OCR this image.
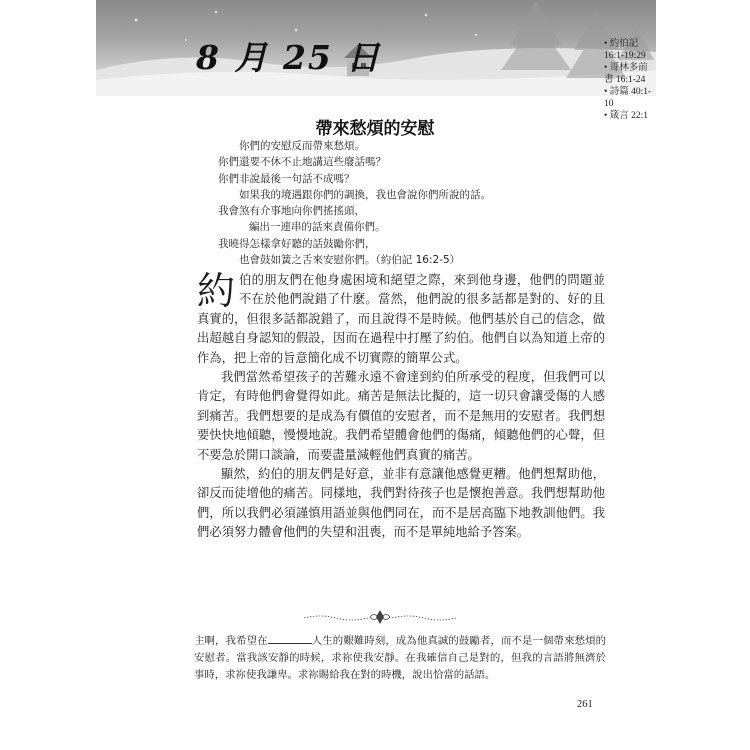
8 月 25 日
•	約伯記 16:1-19:29
• 哥林多前書 16:1-24
• 詩篇 40:1-10
• 箴言 22:1
帶來愁煩的安慰
你們的安慰反而帶來愁煩。
你們還要不休不止地講這些廢話嗎？
你們非說最後一句話不成嗎？
如果我的境遇跟你們的調換，我也會說你們所說的話。
我會煞有介事地向你們搖搖頭，
編出一連串的話來責備你們。
我曉得怎樣拿好聽的話鼓勵你們，
也會鼓如簧之舌來安慰你們。（約伯記 16:2-5）

約伯的朋友們在他身處困境和絕望之際，來到他身邊，他們的問題並不在於他們說錯了什麼。當然，他們說的很多話都是對的、好的且真實的，但很多話都說錯了，而且說得不是時候。他們基於自己的信念，做出超越自身認知的假設，因而在過程中打壓了約伯。他們自以為知道上帝的作為，把上帝的旨意簡化成不切實際的簡單公式。

我們當然希望孩子的苦難永遠不會達到約伯所承受的程度，但我們可以肯定，有時他們會覺得如此。痛苦是無法比擬的，這一切只會讓受傷的人感到痛苦。我們想要的是成為有價值的安慰者，而不是無用的安慰者。我們想要快快地傾聽，慢慢地說。我們希望體會他們的傷痛，傾聽他們的心聲，但不要急於開口談論，而要盡量減輕他們真實的痛苦。

顯然，約伯的朋友們是好意，並非有意讓他感覺更糟。他們想幫助他，卻反而徒增他的痛苦。同樣地，我們對待孩子也是懷抱善意。我們想幫助他們，所以我們必須謹慎用語並與他們同在，而不是居高臨下地教訓他們。我們必須努力體會他們的失望和沮喪，而不是單純地給予答案。

主啊，我希望在	人生的艱難時刻，成為他真誠的鼓勵者，而不是一個帶來愁煩的安慰者。當我該安靜的時候，求祢使我安靜。在我確信自己是對的，但我的言語將無濟於事時，求祢使我謙卑。求祢賜給我在對的時機，說出恰當的話語。
261
